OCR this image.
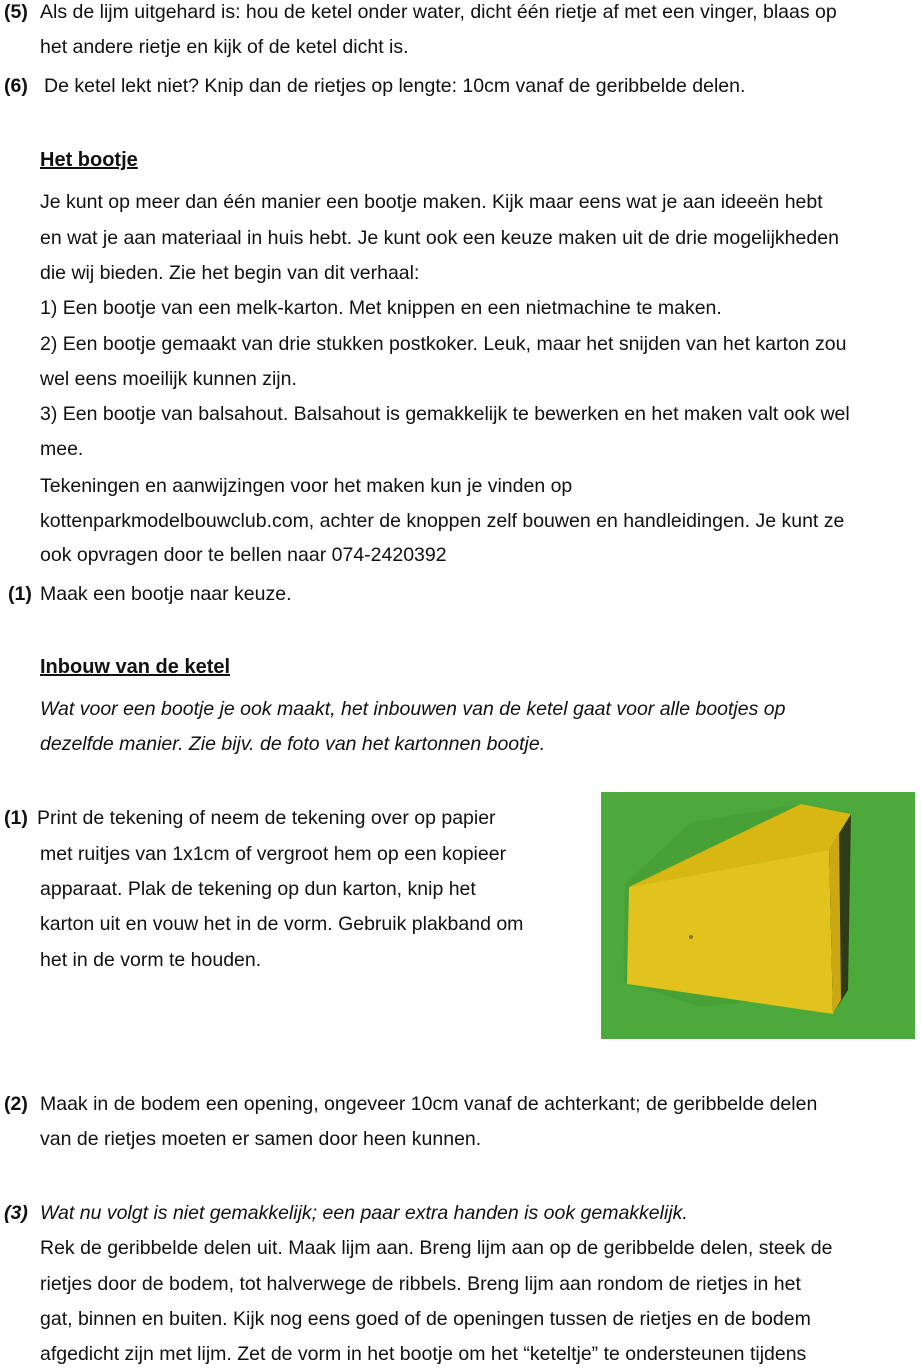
(5) Als de lijm uitgehard is: hou de ketel onder water, dicht één rietje af met een vinger, blaas op
het andere rietje en kijk of de ketel dicht is.
(6) De ketel lekt niet? Knip dan de rietjes op lengte: 10cm vanaf de geribbelde delen.
Het bootje
Je kunt op meer dan één manier een bootje maken. Kijk maar eens wat je aan ideeën hebt
en wat je aan materiaal in huis hebt. Je kunt ook een keuze maken uit de drie mogelijkheden
die wij bieden. Zie het begin van dit verhaal:
1) Een bootje van een melk-karton. Met knippen en een nietmachine te maken.
2) Een bootje gemaakt van drie stukken postkoker. Leuk, maar het snijden van het karton zou
wel eens moeilijk kunnen zijn.
3) Een bootje van balsahout. Balsahout is gemakkelijk te bewerken en het maken valt ook wel
mee.
Tekeningen en aanwijzingen voor het maken kun je vinden op
kottenparkmodelbouwclub.com, achter de knoppen zelf bouwen en handleidingen. Je kunt ze
ook opvragen door te bellen naar 074-2420392
(1) Maak een bootje naar keuze.
Inbouw van de ketel
Wat voor een bootje je ook maakt, het inbouwen van de ketel gaat voor alle bootjes op
dezelfde manier. Zie bijv. de foto van het kartonnen bootje.
(1) Print de tekening of neem de tekening over op papier
met ruitjes van 1x1cm of vergroot hem op een kopieer
apparaat. Plak de tekening op dun karton, knip het
karton uit en vouw het in de vorm. Gebruik plakband om
het in de vorm te houden.
(2) Maak in de bodem een opening, ongeveer 10cm vanaf de achterkant; de geribbelde delen
van de rietjes moeten er samen door heen kunnen.
(3) Wat nu volgt is niet gemakkelijk; een paar extra handen is ook gemakkelijk.
Rek de geribbelde delen uit. Maak lijm aan. Breng lijm aan op de geribbelde delen, steek de
rietjes door de bodem, tot halverwege de ribbels. Breng lijm aan rondom de rietjes in het
gat, binnen en buiten. Kijk nog eens goed of de openingen tussen de rietjes en de bodem
afgedicht zijn met lijm. Zet de vorm in het bootje om het “keteltje” te ondersteunen tijdens
